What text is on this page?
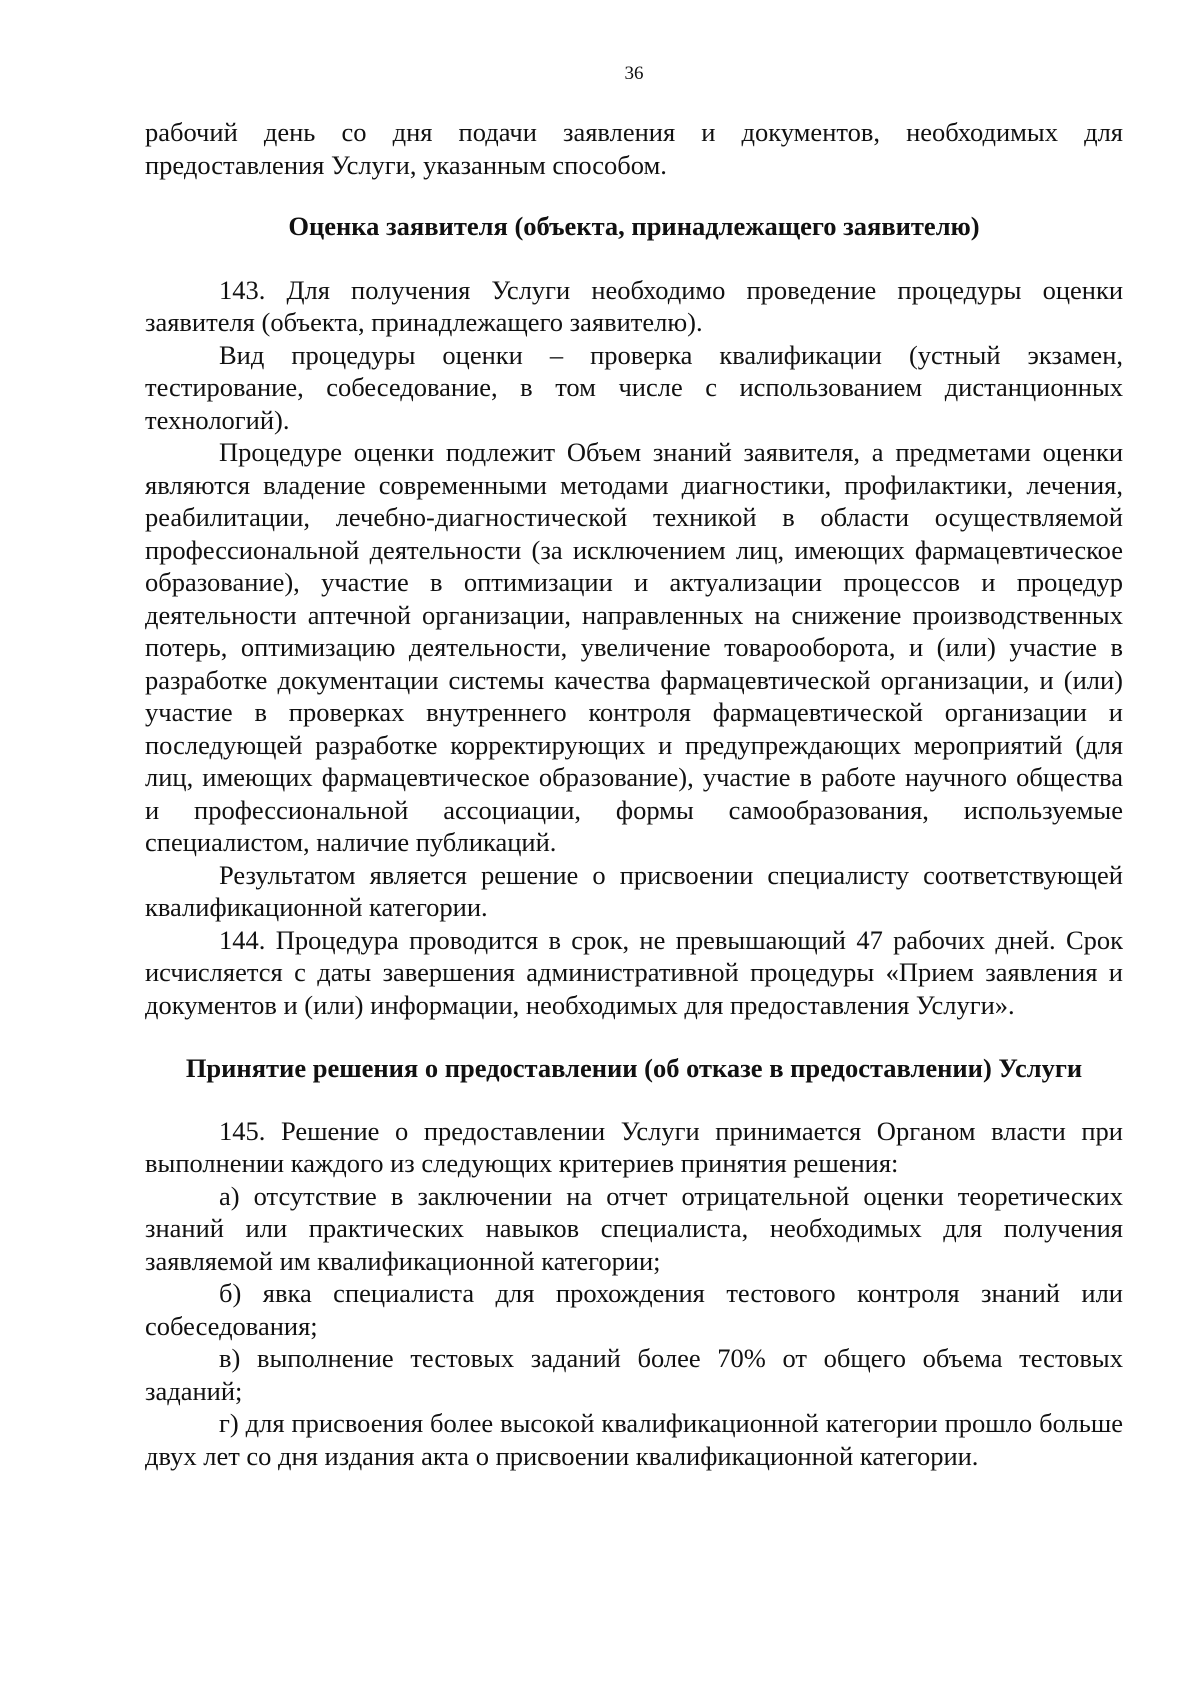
36

рабочий день со дня подачи заявления и документов, необходимых для предоставления Услуги, указанным способом.

Оценка заявителя (объекта, принадлежащего заявителю)

143. Для получения Услуги необходимо проведение процедуры оценки заявителя (объекта, принадлежащего заявителю).

Вид процедуры оценки – проверка квалификации (устный экзамен, тестирование, собеседование, в том числе с использованием дистанционных технологий).

Процедуре оценки подлежит Объем знаний заявителя, а предметами оценки являются владение современными методами диагностики, профилактики, лечения, реабилитации, лечебно-диагностической техникой в области осуществляемой профессиональной деятельности (за исключением лиц, имеющих фармацевтическое образование), участие в оптимизации и актуализации процессов и процедур деятельности аптечной организации, направленных на снижение производственных потерь, оптимизацию деятельности, увеличение товарооборота, и (или) участие в разработке документации системы качества фармацевтической организации, и (или) участие в проверках внутреннего контроля фармацевтической организации и последующей разработке корректирующих и предупреждающих мероприятий (для лиц, имеющих фармацевтическое образование), участие в работе научного общества и профессиональной ассоциации, формы самообразования, используемые специалистом, наличие публикаций.

Результатом является решение о присвоении специалисту соответствующей квалификационной категории.

144. Процедура проводится в срок, не превышающий 47 рабочих дней. Срок исчисляется с даты завершения административной процедуры «Прием заявления и документов и (или) информации, необходимых для предоставления Услуги».

Принятие решения о предоставлении (об отказе в предоставлении) Услуги

145. Решение о предоставлении Услуги принимается Органом власти при выполнении каждого из следующих критериев принятия решения:

а) отсутствие в заключении на отчет отрицательной оценки теоретических знаний или практических навыков специалиста, необходимых для получения заявляемой им квалификационной категории;

б) явка специалиста для прохождения тестового контроля знаний или собеседования;

в) выполнение тестовых заданий более 70% от общего объема тестовых заданий;

г) для присвоения более высокой квалификационной категории прошло больше двух лет со дня издания акта о присвоении квалификационной категории.
